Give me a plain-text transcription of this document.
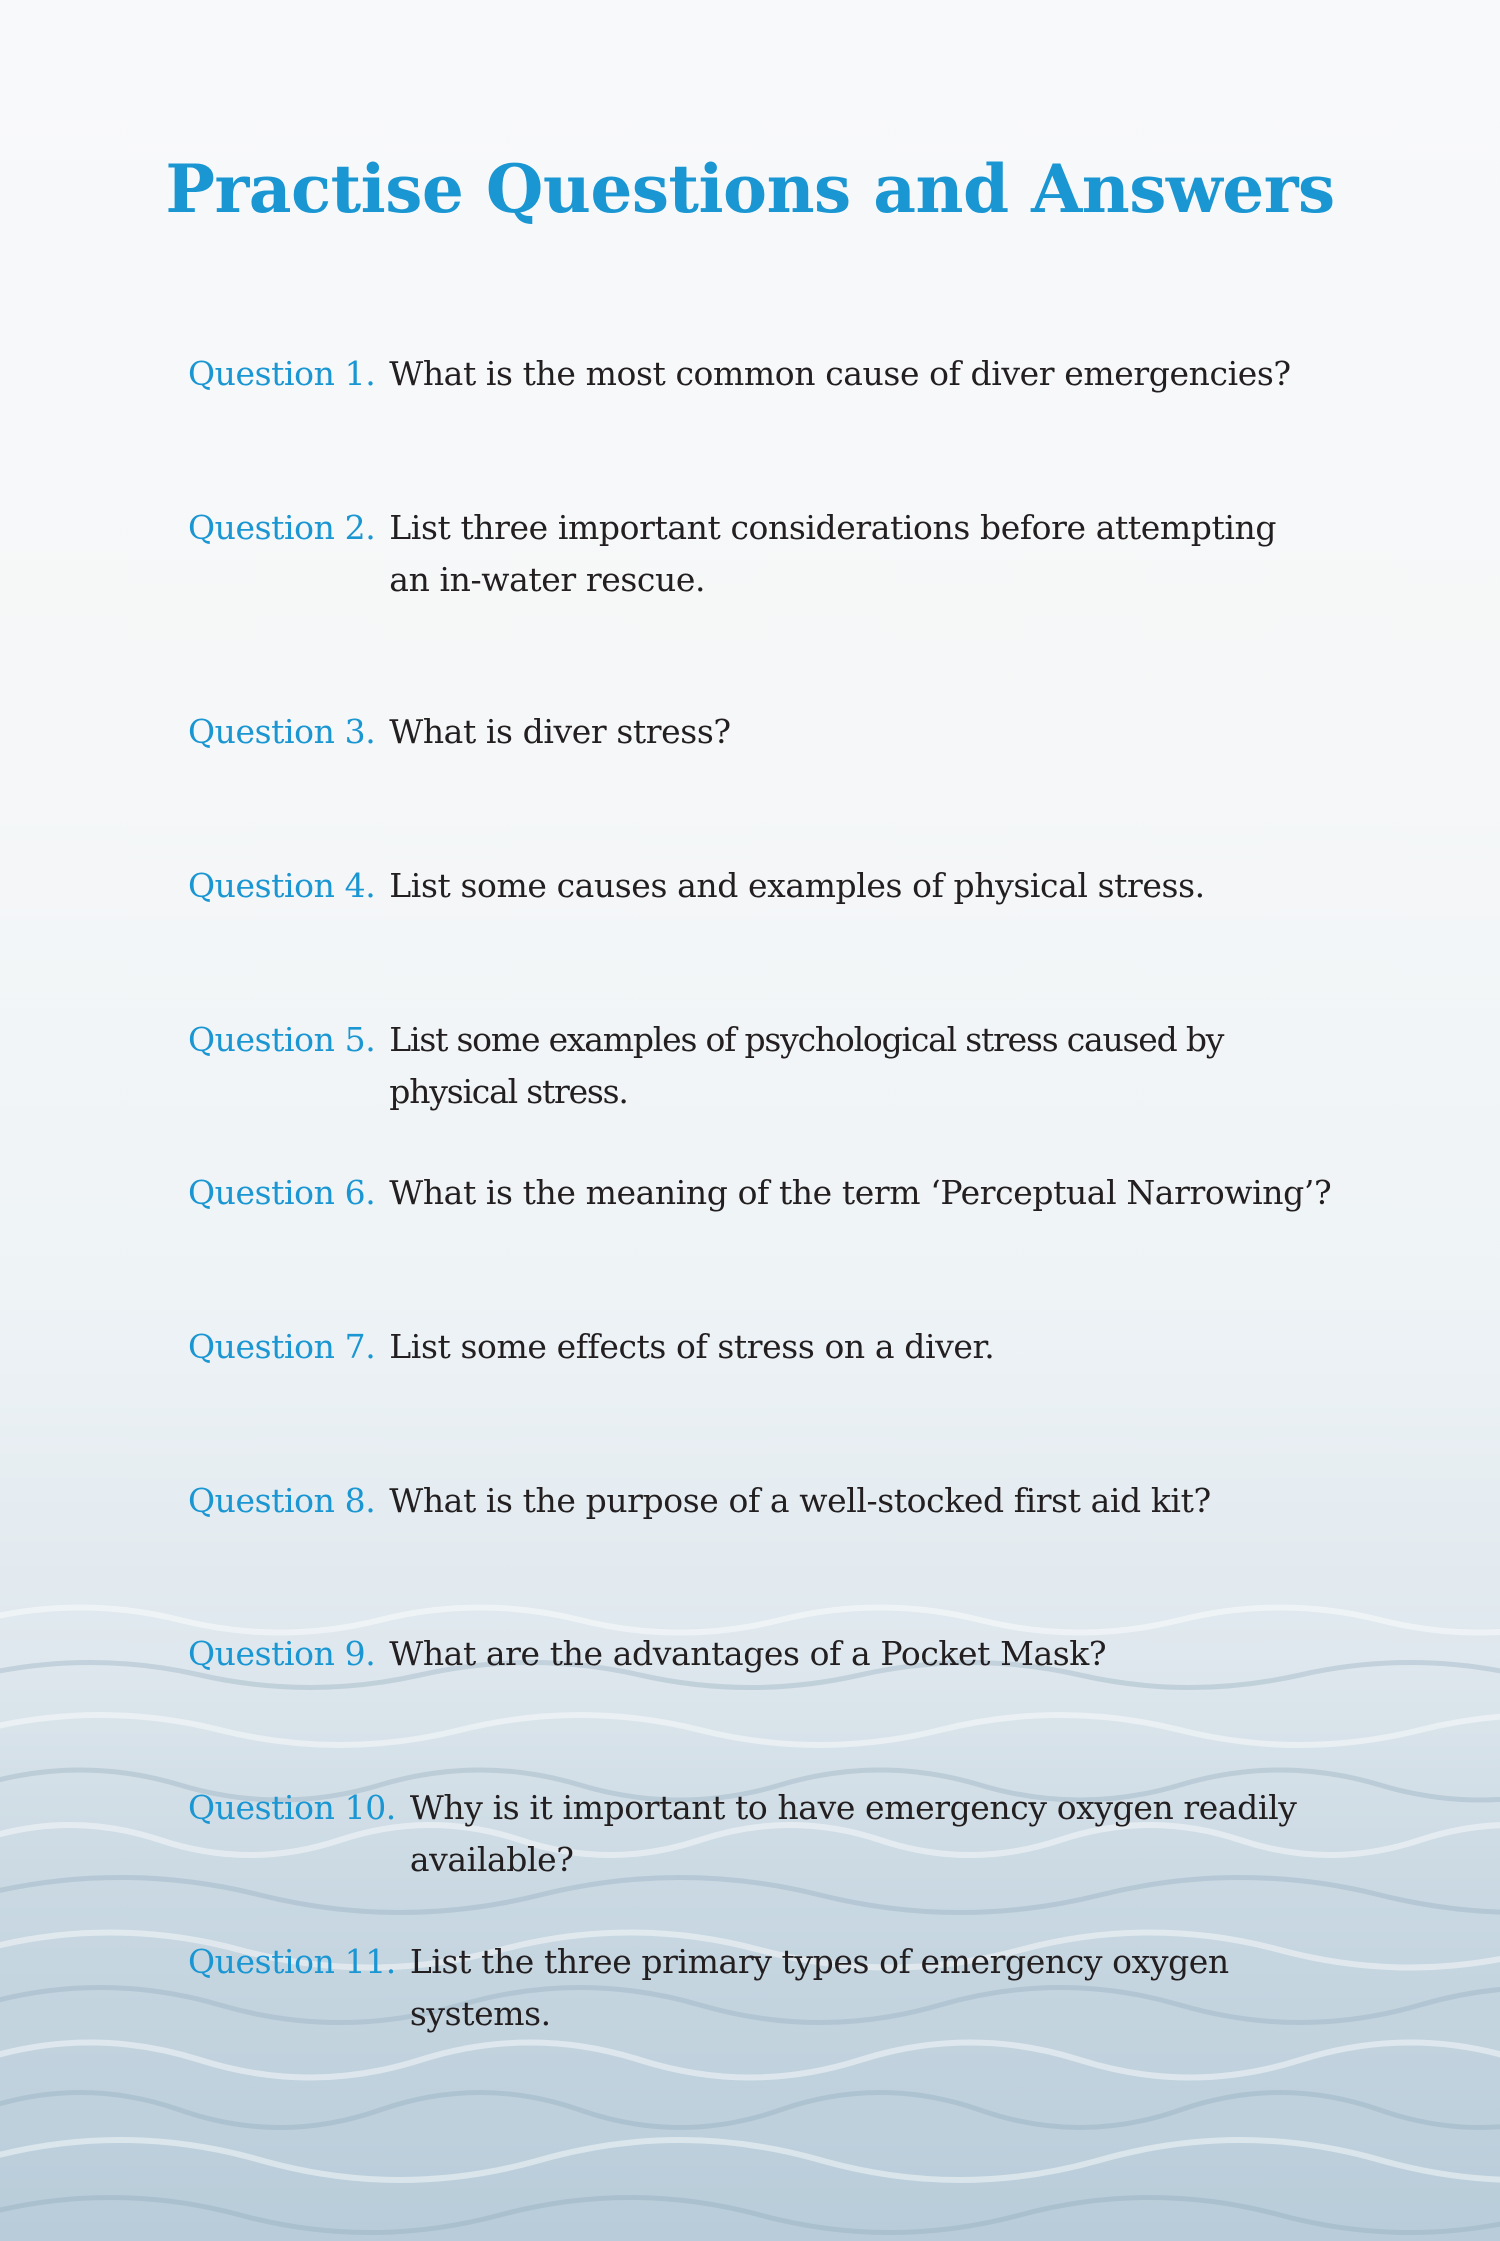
Practise Questions and Answers
Question 1. What is the most common cause of diver emergencies?
Question 2. List three important considerations before attempting an in-water rescue.
Question 3. What is diver stress?
Question 4. List some causes and examples of physical stress.
Question 5. List some examples of psychological stress caused by physical stress.
Question 6. What is the meaning of the term ‘Perceptual Narrowing’?
Question 7. List some effects of stress on a diver.
Question 8. What is the purpose of a well-stocked first aid kit?
Question 9. What are the advantages of a Pocket Mask?
Question 10. Why is it important to have emergency oxygen readily available?
Question 11. List the three primary types of emergency oxygen systems.
